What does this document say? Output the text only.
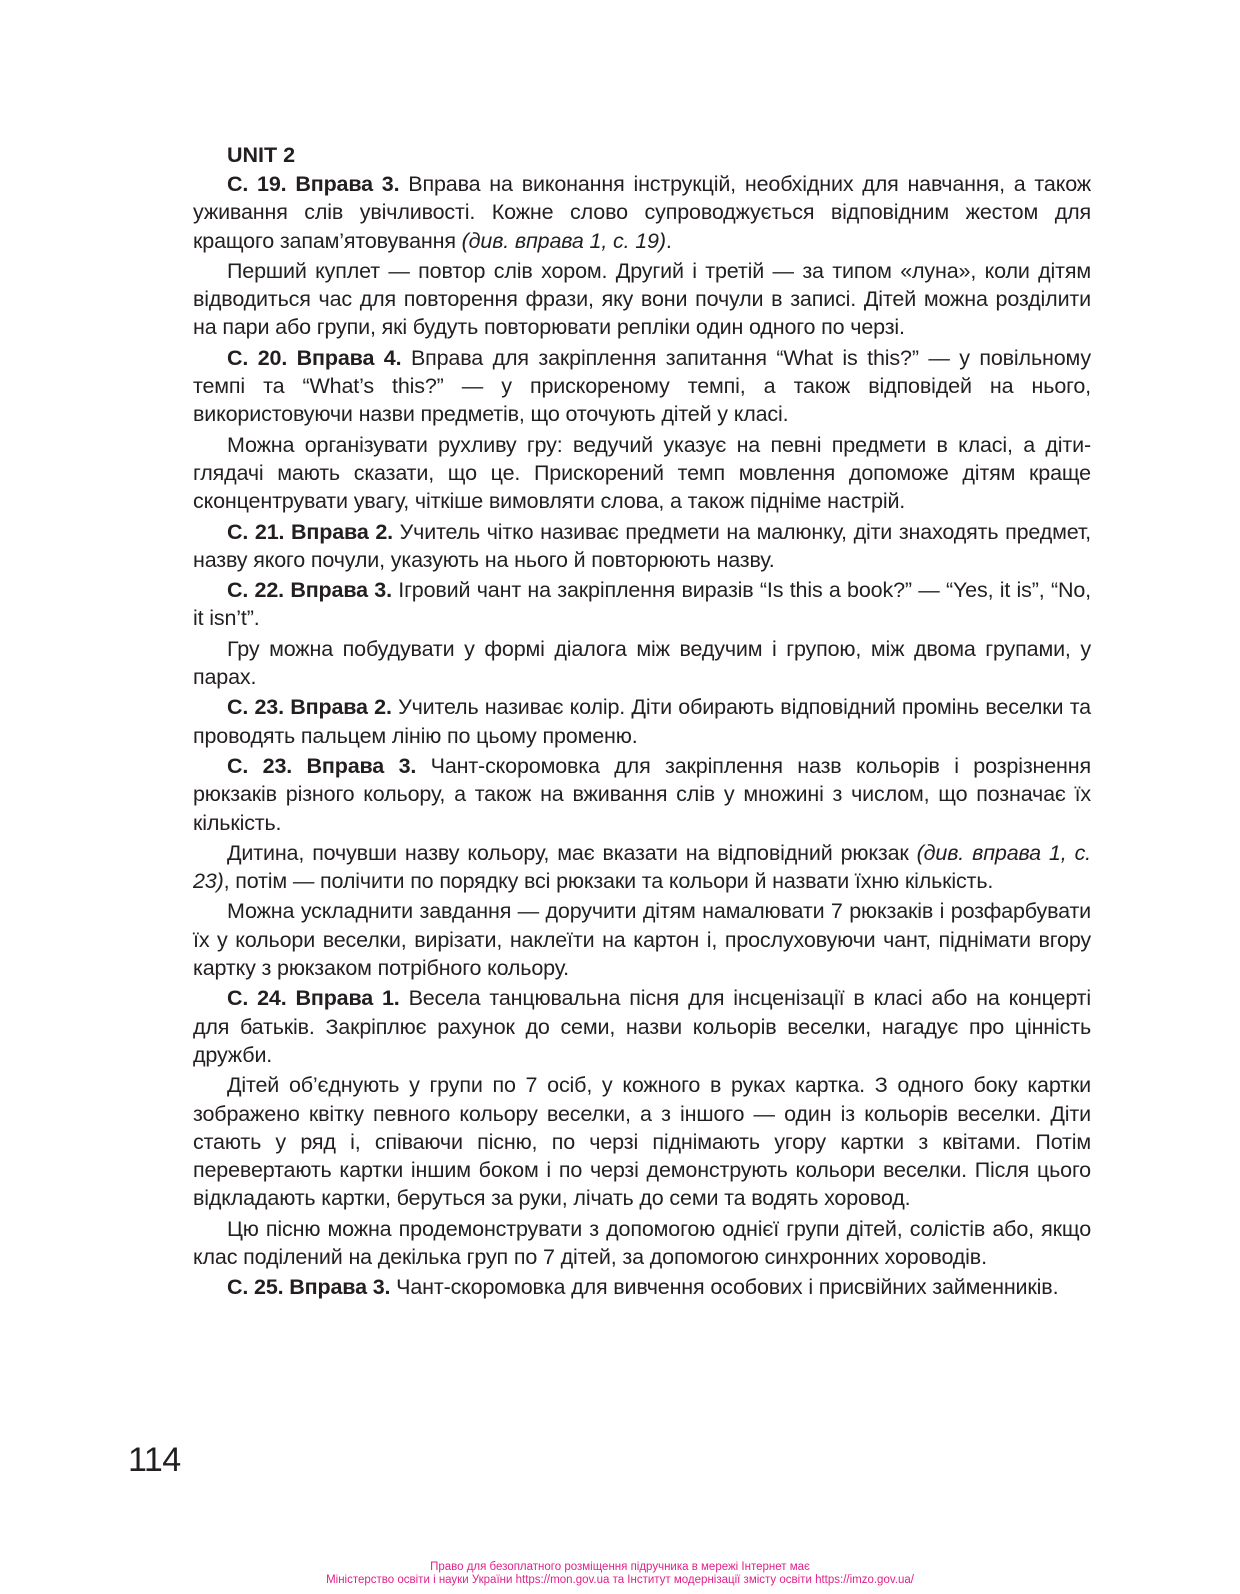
UNIT 2

С. 19. Вправа 3. Вправа на виконання інструкцій, необхідних для навчання, а також уживання слів увічливості. Кожне слово супроводжується відповідним жестом для кращого запам’ятовування (див. вправа 1, с. 19).

Перший куплет — повтор слів хором. Другий і третій — за типом «луна», коли дітям відводиться час для повторення фрази, яку вони почули в записі. Дітей можна розділити на пари або групи, які будуть повторювати репліки один одного по черзі.

С. 20. Вправа 4. Вправа для закріплення запитання “What is this?” — у повільному темпі та “What’s this?” — у прискореному темпі, а також відповідей на нього, використовуючи назви предметів, що оточують дітей у класі.

Можна організувати рухливу гру: ведучий указує на певні предмети в класі, а діти-глядачі мають сказати, що це. Прискорений темп мовлення допоможе дітям краще сконцентрувати увагу, чіткіше вимовляти слова, а також підніме настрій.

С. 21. Вправа 2. Учитель чітко називає предмети на малюнку, діти знаходять предмет, назву якого почули, указують на нього й повторюють назву.

С. 22. Вправа 3. Ігровий чант на закріплення виразів “Is this a book?” — “Yes, it is”, “No, it isn’t”.

Гру можна побудувати у формі діалога між ведучим і групою, між двома групами, у парах.

С. 23. Вправа 2. Учитель називає колір. Діти обирають відповідний промінь веселки та проводять пальцем лінію по цьому променю.

С. 23. Вправа 3. Чант-скоромовка для закріплення назв кольорів і розрізнення рюкзаків різного кольору, а також на вживання слів у множині з числом, що позначає їх кількість.

Дитина, почувши назву кольору, має вказати на відповідний рюкзак (див. вправа 1, с. 23), потім — полічити по порядку всі рюкзаки та кольори й назвати їхню кількість.

Можна ускладнити завдання — доручити дітям намалювати 7 рюкзаків і розфарбувати їх у кольори веселки, вирізати, наклеїти на картон і, прослуховуючи чант, піднімати вгору картку з рюкзаком потрібного кольору.

С. 24. Вправа 1. Весела танцювальна пісня для інсценізації в класі або на концерті для батьків. Закріплює рахунок до семи, назви кольорів веселки, нагадує про цінність дружби.

Дітей об’єднують у групи по 7 осіб, у кожного в руках картка. З одного боку картки зображено квітку певного кольору веселки, а з іншого — один із кольорів веселки. Діти стають у ряд і, співаючи пісню, по черзі піднімають угору картки з квітами. Потім перевертають картки іншим боком і по черзі демонструють кольори веселки. Після цього відкладають картки, беруться за руки, лічать до семи та водять хоровод.

Цю пісню можна продемонструвати з допомогою однієї групи дітей, солістів або, якщо клас поділений на декілька груп по 7 дітей, за допомогою синхронних хороводів.

С. 25. Вправа 3. Чант-скоромовка для вивчення особових і присвійних займенників.

114
Право для безоплатного розміщення підручника в мережі Інтернет має
Міністерство освіти і науки України https://mon.gov.ua та Інститут модернізації змісту освіти https://imzo.gov.ua/
